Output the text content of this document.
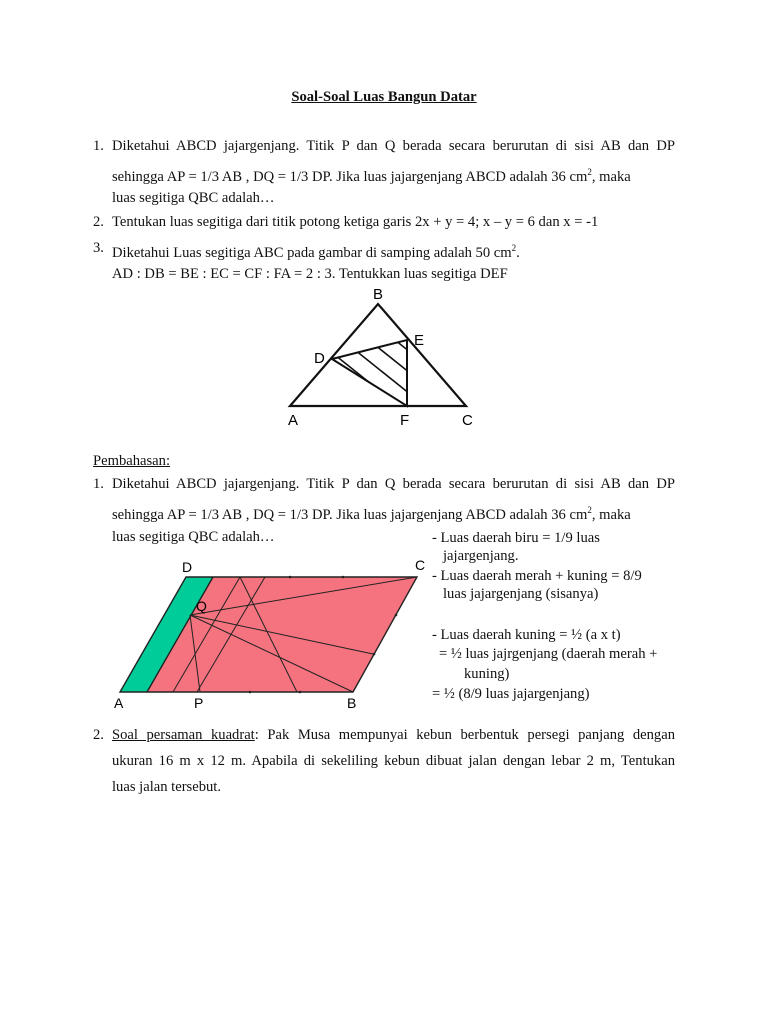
Soal-Soal Luas Bangun Datar
1. Diketahui ABCD jajargenjang. Titik P dan Q berada secara berurutan di sisi AB dan DP
sehingga AP = 1/3 AB , DQ = 1/3 DP. Jika luas jajargenjang ABCD adalah 36 $cm^2$, maka
luas segitiga QBC adalah…
2. Tentukan luas segitiga dari titik potong ketiga garis 2x + y = 4; x – y = 6 dan x = -1
3. Diketahui Luas segitiga ABC pada gambar di samping adalah 50 $cm^2$.
AD : DB = BE : EC = CF : FA = 2 : 3. Tentukkan luas segitiga DEF
B
E
D
A	F	C
Pembahasan:
1. Diketahui ABCD jajargenjang. Titik P dan Q berada secara berurutan di sisi AB dan DP
sehingga AP = 1/3 AB , DQ = 1/3 DP. Jika luas jajargenjang ABCD adalah 36 $cm^2$, maka
luas segitiga QBC adalah…	- Luas daerah biru = 1/9 luas
jajargenjang.
- Luas daerah merah + kuning = 8/9
luas jajargenjang (sisanya)
- Luas daerah kuning = ½ (a x t)
= ½ luas jajrgenjang (daerah merah +
kuning)
= ½ (8/9 luas jajargenjang)
D	C
Q
A	P	B
2. Soal persaman kuadrat: Pak Musa mempunyai kebun berbentuk persegi panjang dengan
ukuran 16 m x 12 m. Apabila di sekeliling kebun dibuat jalan dengan lebar 2 m, Tentukan
luas jalan tersebut.
